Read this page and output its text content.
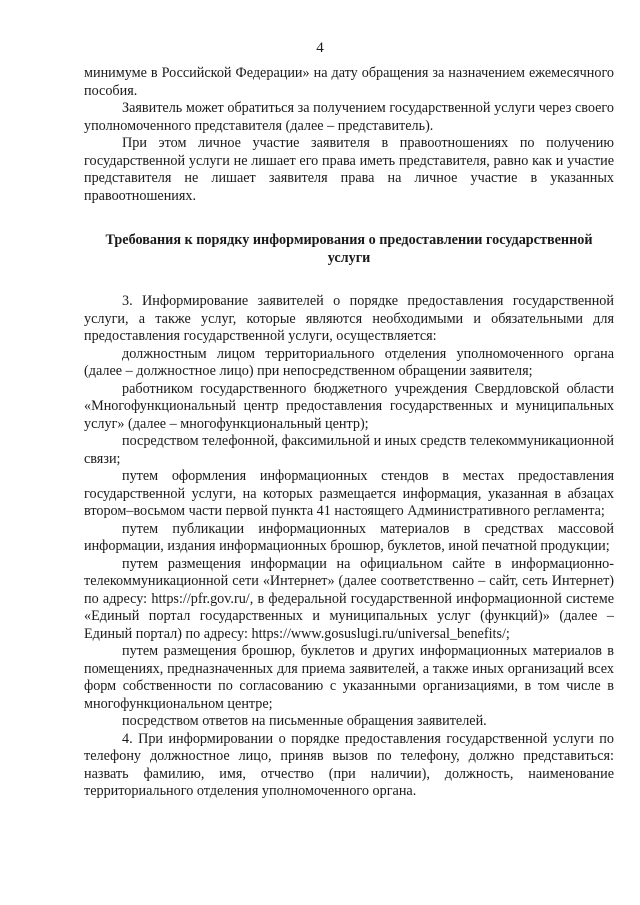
4

минимуме в Российской Федерации» на дату обращения за назначением ежемесячного пособия.

Заявитель может обратиться за получением государственной услуги через своего уполномоченного представителя (далее – представитель).

При этом личное участие заявителя в правоотношениях по получению государственной услуги не лишает его права иметь представителя, равно как и участие представителя не лишает заявителя права на личное участие в указанных правоотношениях.

Требования к порядку информирования о предоставлении государственной услуги

3. Информирование заявителей о порядке предоставления государственной услуги, а также услуг, которые являются необходимыми и обязательными для предоставления государственной услуги, осуществляется:

должностным лицом территориального отделения уполномоченного органа (далее – должностное лицо) при непосредственном обращении заявителя;

работником государственного бюджетного учреждения Свердловской области «Многофункциональный центр предоставления государственных и муниципальных услуг» (далее – многофункциональный центр);

посредством телефонной, факсимильной и иных средств телекоммуникационной связи;

путем оформления информационных стендов в местах предоставления государственной услуги, на которых размещается информация, указанная в абзацах втором–восьмом части первой пункта 41 настоящего Административного регламента;

путем публикации информационных материалов в средствах массовой информации, издания информационных брошюр, буклетов, иной печатной продукции;

путем размещения информации на официальном сайте в информационно-телекоммуникационной сети «Интернет» (далее соответственно – сайт, сеть Интернет) по адресу: https://pfr.gov.ru/, в федеральной государственной информационной системе «Единый портал государственных и муниципальных услуг (функций)» (далее – Единый портал) по адресу: https://www.gosuslugi.ru/universal_benefits/;

путем размещения брошюр, буклетов и других информационных материалов в помещениях, предназначенных для приема заявителей, а также иных организаций всех форм собственности по согласованию с указанными организациями, в том числе в многофункциональном центре;

посредством ответов на письменные обращения заявителей.

4. При информировании о порядке предоставления государственной услуги по телефону должностное лицо, приняв вызов по телефону, должно представиться: назвать фамилию, имя, отчество (при наличии), должность, наименование территориального отделения уполномоченного органа.
